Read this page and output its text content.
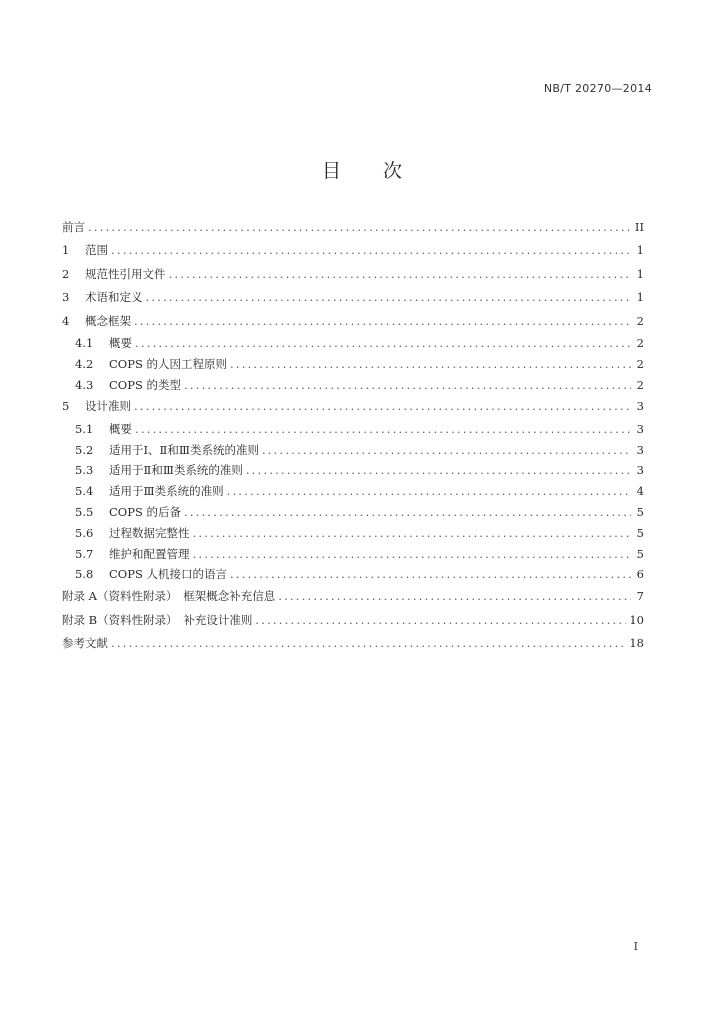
NB/T 20270—2014
目次
前言 .....	II
1	范围 .....	1
2	规范性引用文件 .....	1
3	术语和定义 .....	1
4	概念框架 .....	2
4.1	概要 .....	2
4.2	COPS 的人因工程原则 .....	2
4.3	COPS 的类型 .....	2
5	设计准则 .....	3
5.1	概要 .....	3
5.2	适用于Ⅰ、Ⅱ和Ⅲ类系统的准则 .....	3
5.3	适用于Ⅱ和Ⅲ类系统的准则 .....	3
5.4	适用于Ⅲ类系统的准则 .....	4
5.5	COPS 的后备 .....	5
5.6	过程数据完整性 .....	5
5.7	维护和配置管理 .....	5
5.8	COPS 人机接口的语言 .....	6
附录 A（资料性附录）　框架概念补充信息 .....	7
附录 B（资料性附录）　补充设计准则 .....	10
参考文献 .....	18
I
